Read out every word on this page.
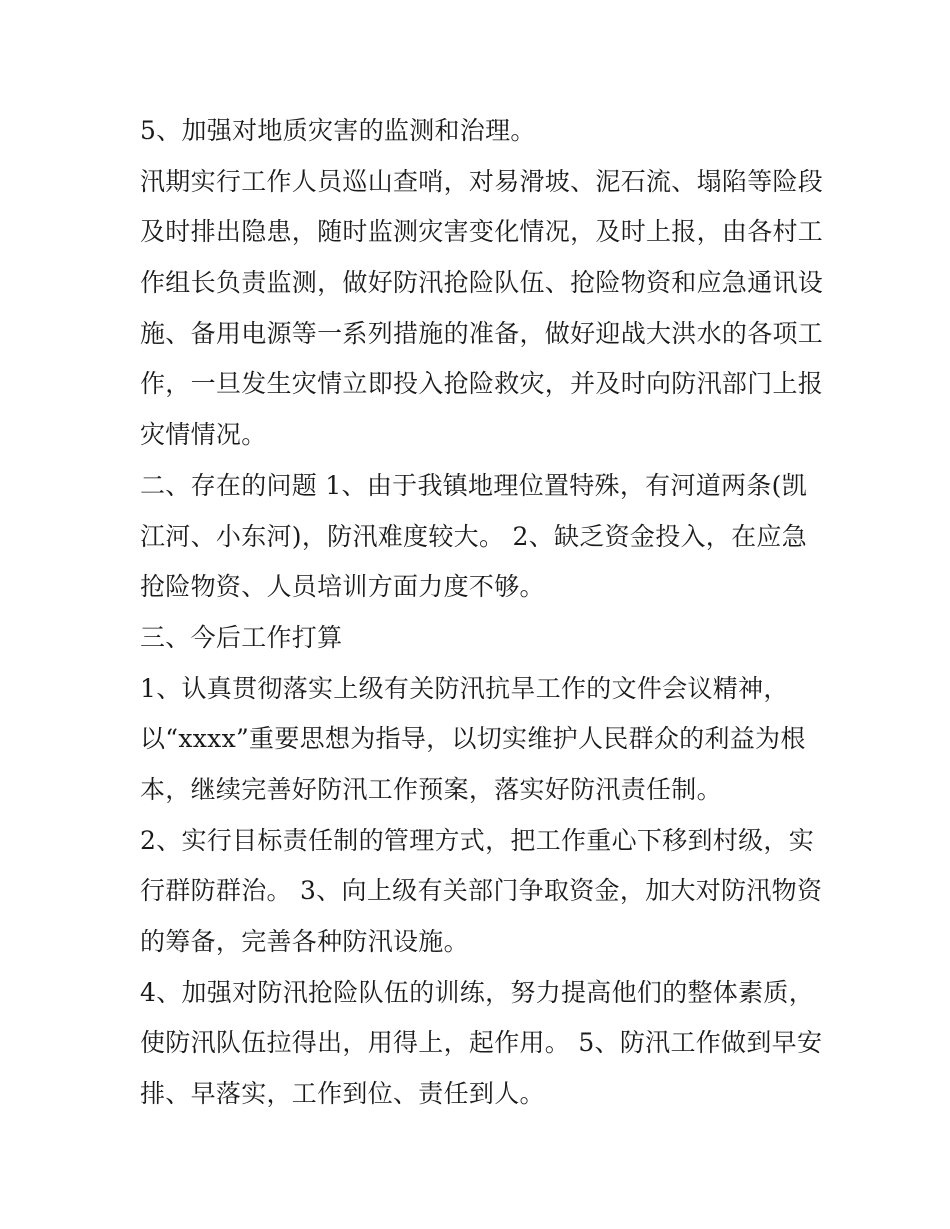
5、加强对地质灾害的监测和治理。
汛期实行工作人员巡山查哨，对易滑坡、泥石流、塌陷等险段
及时排出隐患，随时监测灾害变化情况，及时上报，由各村工
作组长负责监测，做好防汛抢险队伍、抢险物资和应急通讯设
施、备用电源等一系列措施的准备，做好迎战大洪水的各项工
作，一旦发生灾情立即投入抢险救灾，并及时向防汛部门上报
灾情情况。
二、存在的问题 1、由于我镇地理位置特殊，有河道两条(凯
江河、小东河)，防汛难度较大。 2、缺乏资金投入，在应急
抢险物资、人员培训方面力度不够。
三、今后工作打算
1、认真贯彻落实上级有关防汛抗旱工作的文件会议精神，
以“xxxx”重要思想为指导，以切实维护人民群众的利益为根
本，继续完善好防汛工作预案，落实好防汛责任制。
2、实行目标责任制的管理方式，把工作重心下移到村级，实
行群防群治。 3、向上级有关部门争取资金，加大对防汛物资
的筹备，完善各种防汛设施。
4、加强对防汛抢险队伍的训练，努力提高他们的整体素质，
使防汛队伍拉得出，用得上，起作用。 5、防汛工作做到早安
排、早落实，工作到位、责任到人。
